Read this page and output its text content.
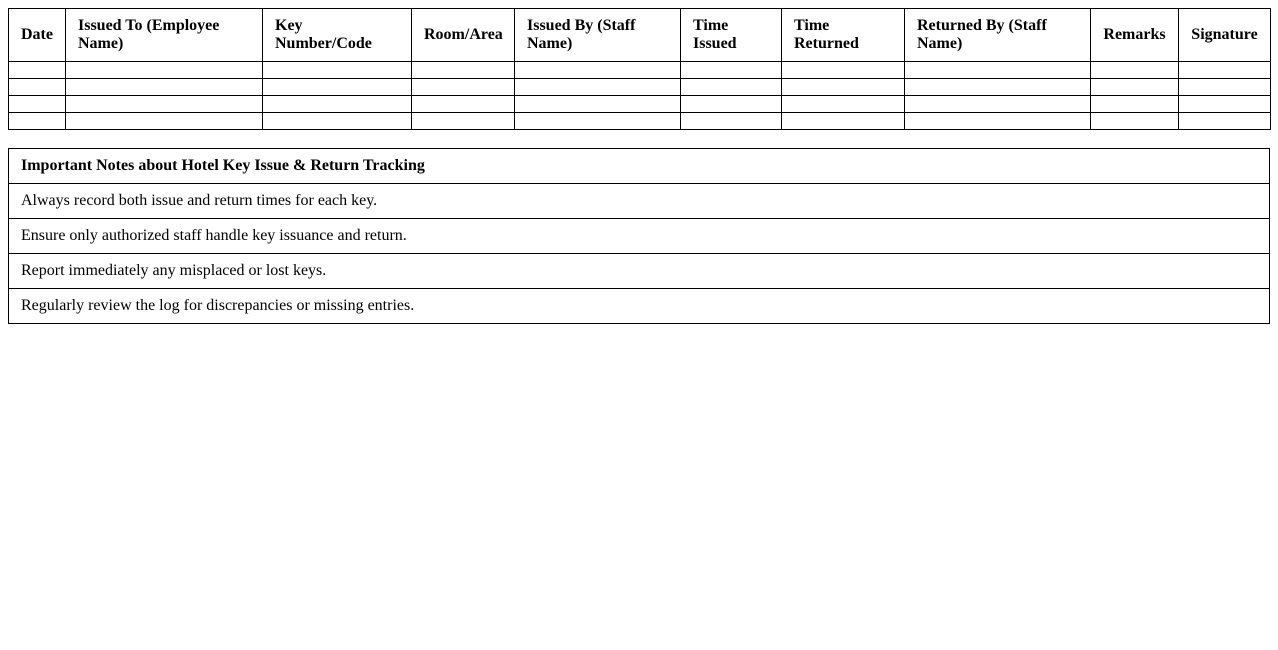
Date	Issued To (Employee Name)	Key Number/Code	Room/Area	Issued By (Staff Name)	Time Issued	Time Returned	Returned By (Staff Name)	Remarks	Signature

Important Notes about Hotel Key Issue & Return Tracking
Always record both issue and return times for each key.
Ensure only authorized staff handle key issuance and return.
Report immediately any misplaced or lost keys.
Regularly review the log for discrepancies or missing entries.
